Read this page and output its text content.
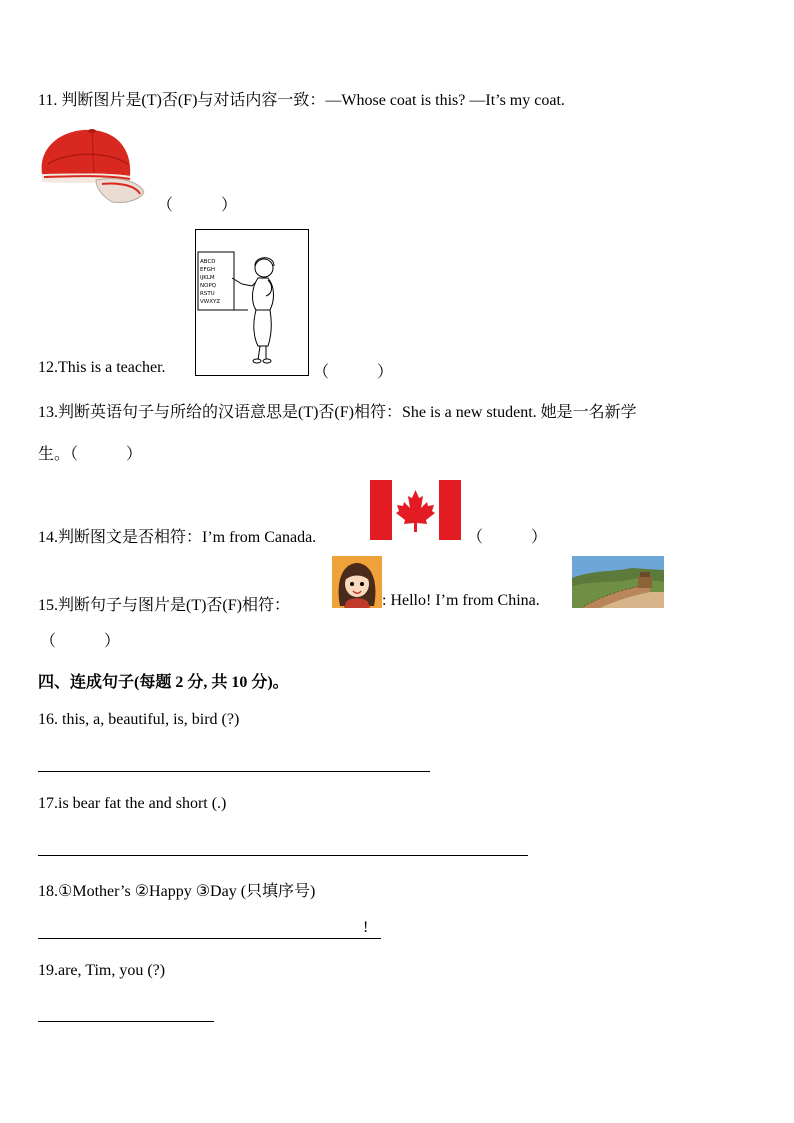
11. 判断图片是(T)否(F)与对话内容一致：—Whose coat is this? —It’s my coat.
（　　　）
ABCD
EFGH
IJKLM
NOPQ
RSTU
VWXYZ
12.This is a teacher.	（　　　）
13.判断英语句子与所给的汉语意思是(T)否(F)相符：She is a new student. 她是一名新学
生。（　　　）
14.判断图文是否相符：I’m from Canada.	（　　　）
15.判断句子与图片是(T)否(F)相符：	: Hello! I’m from China.
（　　　）
四、连成句子(每题 2 分, 共 10 分)。
16. this, a, beautiful, is, bird (?)
17.is bear fat the and short (.)
18.①Mother’s ②Happy ③Day (只填序号)
!
19.are, Tim, you (?)
